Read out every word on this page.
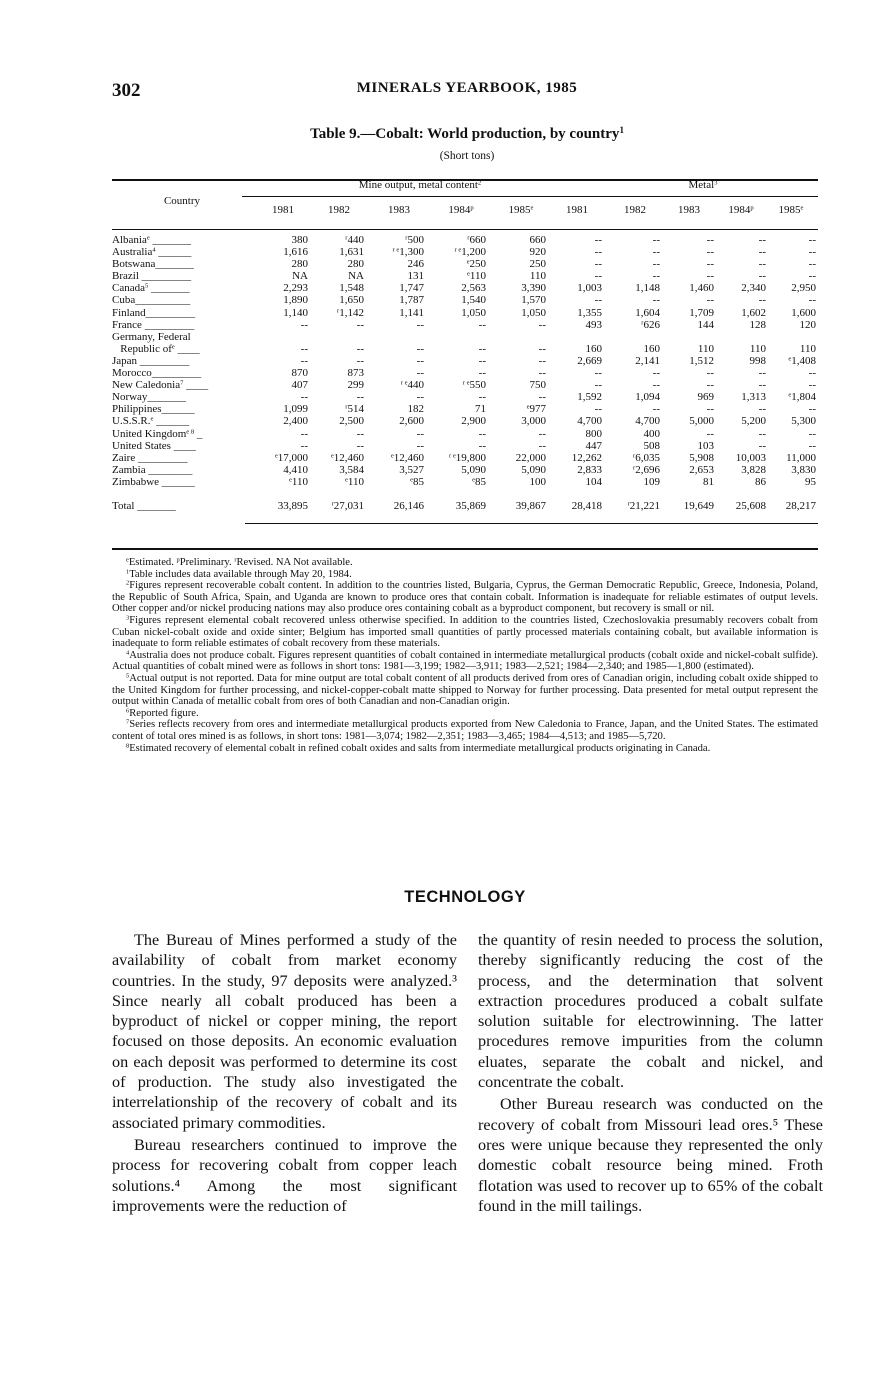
302	MINERALS YEARBOOK, 1985
Table 9.—Cobalt: World production, by country$^1$
(Short tons)
Country
Mine output, metal content$^2$	Metal$^3$
1981	1982	1983	1984$^p$	1985e	1981	1982	1983	1984$^p$	1985e
Albania$^e$ _______	380	$^r$440	$^r$500	$^r$660	660	--	--	--	--	--
Australia$^4$ ______	1,616	1,631	$^{r e}$1,300	$^{r e}$1,200	920	--	--	--	--	--
Botswana_______	280	280	246	$^e$250	250	--	--	--	--	--
Brazil _________	NA	NA	131	$^e$110	110	--	--	--	--	--
Canada$^5$ _______	2,293	1,548	1,747	2,563	3,390	1,003	1,148	1,460	2,340	2,950
Cuba__________	1,890	1,650	1,787	1,540	1,570	--	--	--	--	--
Finland_________	1,140	$^r$1,142	1,141	1,050	1,050	1,355	1,604	1,709	1,602	1,600
France _________	--	--	--	--	--	493	$^r$626	144	128	120
Germany, Federal
Republic $of^e$ ____	--	--	--	--	--	160	160	110	110	110
Japan _________	--	--	--	--	--	2,669	2,141	1,512	998	$^e$1,408
Morocco_________	870	873	--	--	--	--	--	--	--	--
New Caledonia$^7$ ____	407	299	$^{r e}$440	$^{r e}$550	750	--	--	--	--	--
Norway_______	--	--	--	--	--	1,592	1,094	969	1,313	$^e$1,804
Philippines______	1,099	$^r$514	182	71	$^e$977	--	--	--	--	--
U.S.S.R.$^e$ ______	2,400	2,500	2,600	2,900	3,000	4,700	4,700	5,000	5,200	5,300
United Kingdom$^{e 8}$ _	--	--	--	--	--	800	400	--	--	--
United States ____	--	--	--	--	--	447	508	103	--	--
Zaire _________	$^e$17,000	$^e$12,460	$^e$12,460	$^{r e}$19,800	22,000	12,262	$^r$6,035	5,908	10,003	11,000
Zambia ________	4,410	3,584	3,527	5,090	5,090	2,833	$^r$2,696	2,653	3,828	3,830
Zimbabwe ______	$^e$110	$^e$110	$^e$85	$^e$85	100	104	109	81	86	95
Total _______	33,895	$^r$27,031	26,146	35,869	39,867	28,418	$^r$21,221	19,649	25,608	28,217

$^e$Estimated. $^p$Preliminary. $^r$Revised. NA Not available.

$^1$Table includes data available through May 20, 1984.

$^2$Figures represent recoverable cobalt content. In addition to the countries listed, Bulgaria, Cyprus, the German Democratic Republic, Greece, Indonesia, Poland, the Republic of South Africa, Spain, and Uganda are known to produce ores that contain cobalt. Information is inadequate for reliable estimates of output levels. Other copper and/or nickel producing nations may also produce ores containing cobalt as a byproduct component, but recovery is small or nil.

$^3$Figures represent elemental cobalt recovered unless otherwise specified. In addition to the countries listed, Czechoslovakia presumably recovers cobalt from Cuban nickel-cobalt oxide and oxide sinter; Belgium has imported small quantities of partly processed materials containing cobalt, but available information is inadequate to form reliable estimates of cobalt recovery from these materials.

$^4$Australia does not produce cobalt. Figures represent quantities of cobalt contained in intermediate metallurgical products (cobalt oxide and nickel-cobalt sulfide). Actual quantities of cobalt mined were as follows in short tons: 1981—3,199; 1982—3,911; 1983—2,521; 1984—2,340; and 1985—1,800 (estimated).

$^5$Actual output is not reported. Data for mine output are total cobalt content of all products derived from ores of Canadian origin, including cobalt oxide shipped to the United Kingdom for further processing, and nickel-copper-cobalt matte shipped to Norway for further processing. Data presented for metal output represent the output within Canada of metallic cobalt from ores of both Canadian and non-Canadian origin.

$^6$Reported figure.

$^7$Series reflects recovery from ores and intermediate metallurgical products exported from New Caledonia to France, Japan, and the United States. The estimated content of total ores mined is as follows, in short tons: 1981—3,074; 1982—2,351; 1983—3,465; 1984—4,513; and 1985—5,720.

$^8$Estimated recovery of elemental cobalt in refined cobalt oxides and salts from intermediate metallurgical products originating in Canada.

TECHNOLOGY

The Bureau of Mines performed a study of the availability of cobalt from market economy countries. In the study, 97 deposits were analyzed.³ Since nearly all cobalt produced has been a byproduct of nickel or copper mining, the report focused on those deposits. An economic evaluation on each deposit was performed to determine its cost of production. The study also investigated the interrelationship of the recovery of cobalt and its associated primary commodities.

Bureau researchers continued to improve the process for recovering cobalt from copper leach solutions.⁴ Among the most significant improvements were the reduction of

the quantity of resin needed to process the solution, thereby significantly reducing the cost of the process, and the determination that solvent extraction procedures produced a cobalt sulfate solution suitable for electrowinning. The latter procedures remove impurities from the column eluates, separate the cobalt and nickel, and concentrate the cobalt.

Other Bureau research was conducted on the recovery of cobalt from Missouri lead ores.⁵ These ores were unique because they represented the only domestic cobalt resource being mined. Froth flotation was used to recover up to 65% of the cobalt found in the mill tailings.
